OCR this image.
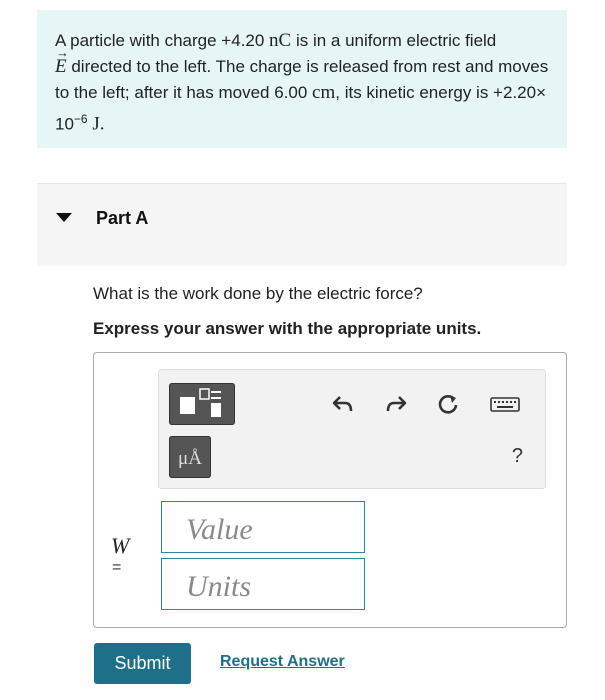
A particle with charge +4.20 nC is in a uniform electric field
→ E directed to the left. The charge is released from rest and moves to the left; after it has moved 6.00 cm, its kinetic energy is $+2.20\times 10^{-6}$ J.
Part A
What is the work done by the electric force?
Express your answer with the appropriate units.
μÅ	?
W
=
Value
Units
Submit	Request Answer
